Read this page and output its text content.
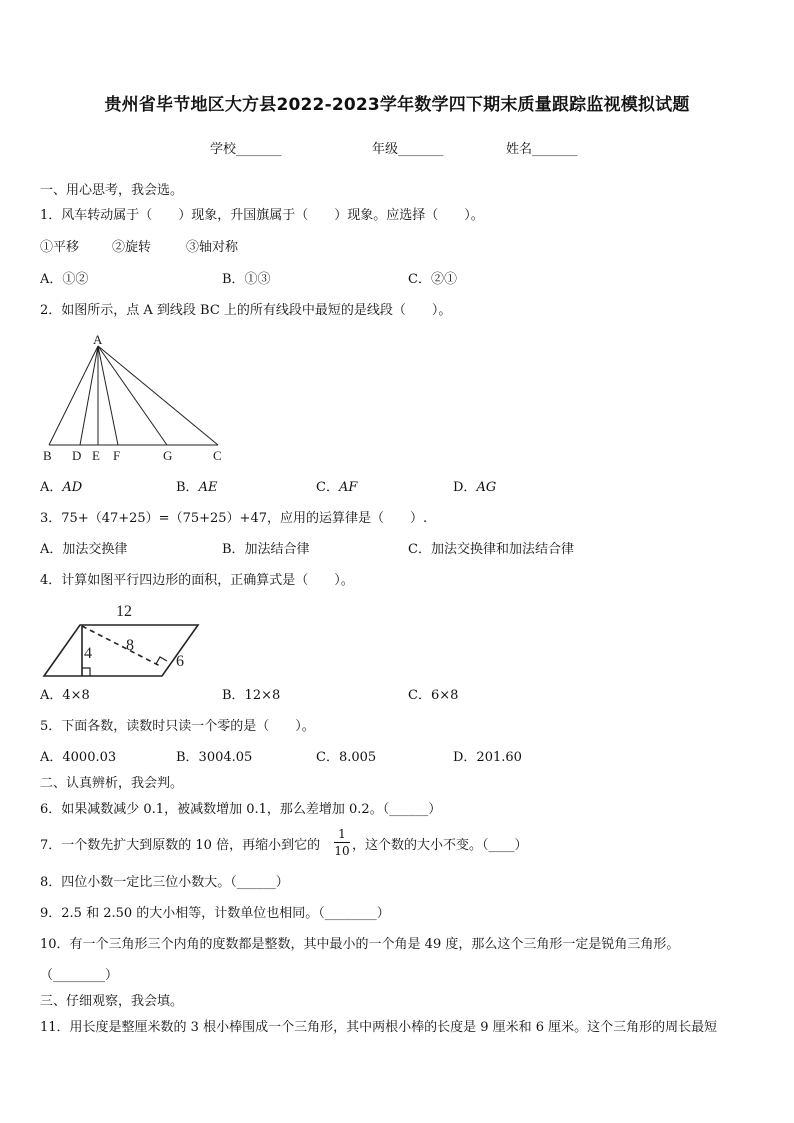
贵州省毕节地区大方县2022-2023学年数学四下期末质量跟踪监视模拟试题
学校_______	年级_______	姓名_______
一、用心思考，我会选。
1．风车转动属于（　　）现象，升国旗属于（　　）现象。应选择（　　）。
①平移	②旋转	③轴对称
A．①②	B．①③	C．②①
2．如图所示，点 A 到线段 BC 上的所有线段中最短的是线段（　　）。
A
B D E F	G	C
A．AD	B．AE	C．AF	D．AG
3．75+（47+25）=（75+25）+47，应用的运算律是（　　）.
A．加法交换律	B．加法结合律	C．加法交换律和加法结合律
4．计算如图平行四边形的面积，正确算式是（　　）。
12
8
4	6
A．4×8	B．12×8	C．6×8
5．下面各数，读数时只读一个零的是（　　）。
A．4000.03	B．3004.05	C．8.005	D．201.60
二、认真辨析，我会判。
6．如果减数减少 0.1，被减数增加 0.1，那么差增加 0.2。（______）
7．一个数先扩大到原数的 10 倍，再缩小到它的
1
10 ，这个数的大小不变。（____）
8．四位小数一定比三位小数大。（______）
9．2.5 和 2.50 的大小相等，计数单位也相同。（________）
10．有一个三角形三个内角的度数都是整数，其中最小的一个角是 49 度，那么这个三角形一定是锐角三角形。
（________）
三、仔细观察，我会填。
11．用长度是整厘米数的 3 根小棒围成一个三角形，其中两根小棒的长度是 9 厘米和 6 厘米。这个三角形的周长最短
